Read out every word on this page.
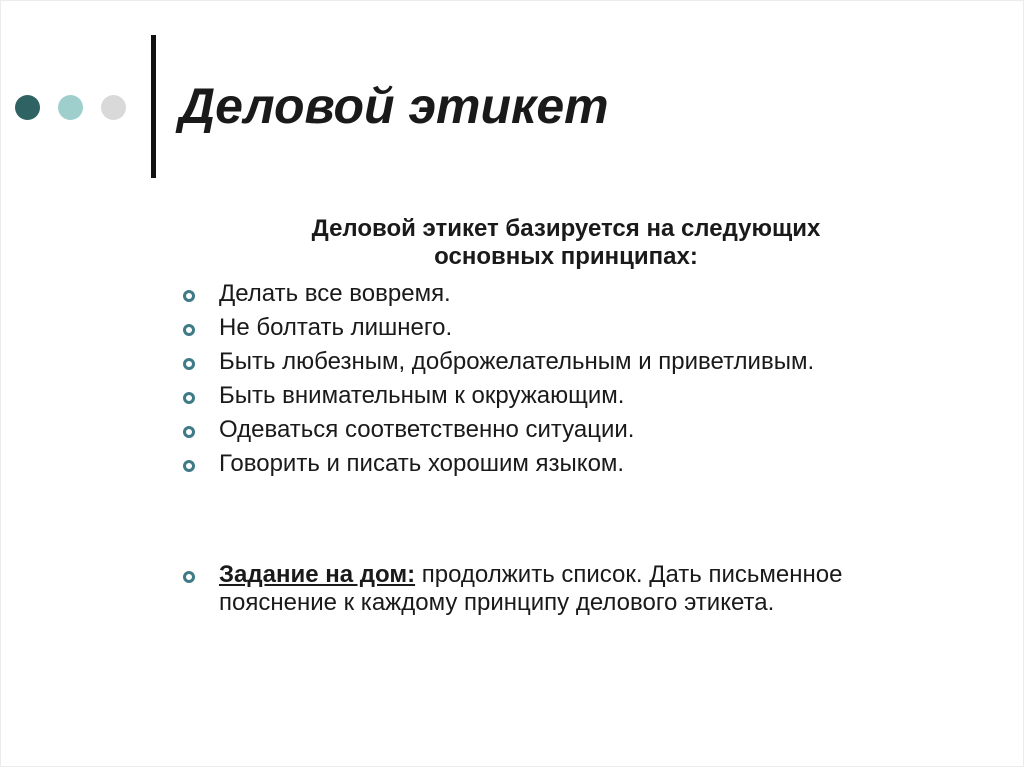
Деловой этикет
Деловой этикет базируется на следующих
основных принципах:
Делать все вовремя.
Не болтать лишнего.
Быть любезным, доброжелательным и приветливым.
Быть внимательным к окружающим.
Одеваться соответственно ситуации.
Говорить и писать хорошим языком.
Задание на дом: продолжить список. Дать письменное пояснение к каждому принципу делового этикета.
